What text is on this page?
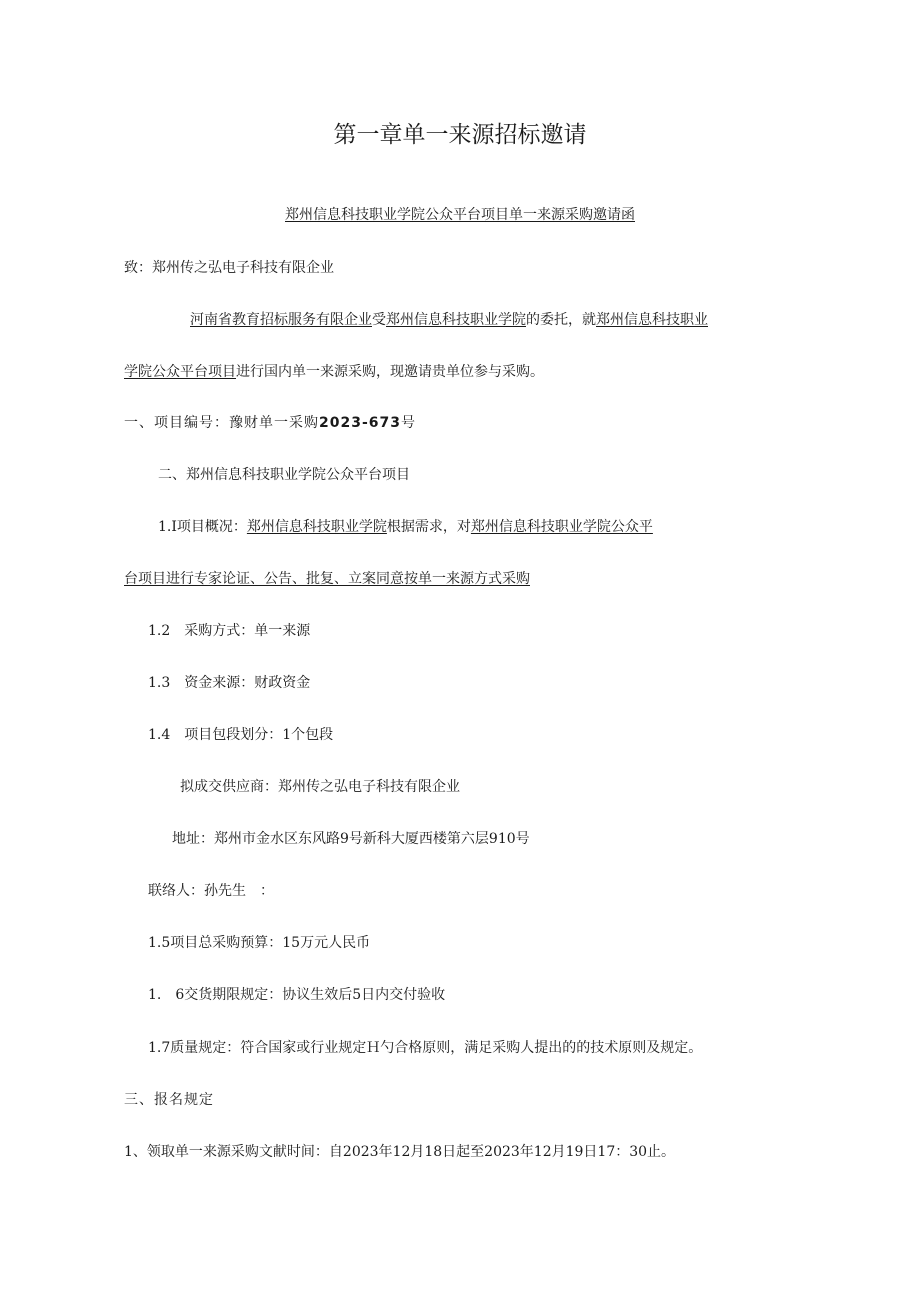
第一章单一来源招标邀请
郑州信息科技职业学院公众平台项目单一来源采购邀请函
致：郑州传之弘电子科技有限企业
河南省教育招标服务有限企业受郑州信息科技职业学院的委托，就郑州信息科技职业
学院公众平台项目进行国内单一来源采购，现邀请贵单位参与采购。
一、项目编号：豫财单一采购2023-673号
二、郑州信息科技职业学院公众平台项目
1.Ⅰ项目概况：郑州信息科技职业学院根据需求，对郑州信息科技职业学院公众平
台项目进行专家论证、公告、批复、立案同意按单一来源方式采购
1.2　采购方式：单一来源
1.3　资金来源：财政资金
1.4　项目包段划分：1个包段
拟成交供应商：郑州传之弘电子科技有限企业
地址：郑州市金水区东风路9号新科大厦西楼第六层910号
联络人：孙先生　：
1.5项目总采购预算：15万元人民币
1.　6交货期限规定：协议生效后5日内交付验收
1.7质量规定：符合国家或行业规定Ｈ勺合格原则，满足采购人提出的的技术原则及规定。
三、报名规定
1、领取单一来源采购文献时间：自2023年12月18日起至2023年12月19日17：30止。
